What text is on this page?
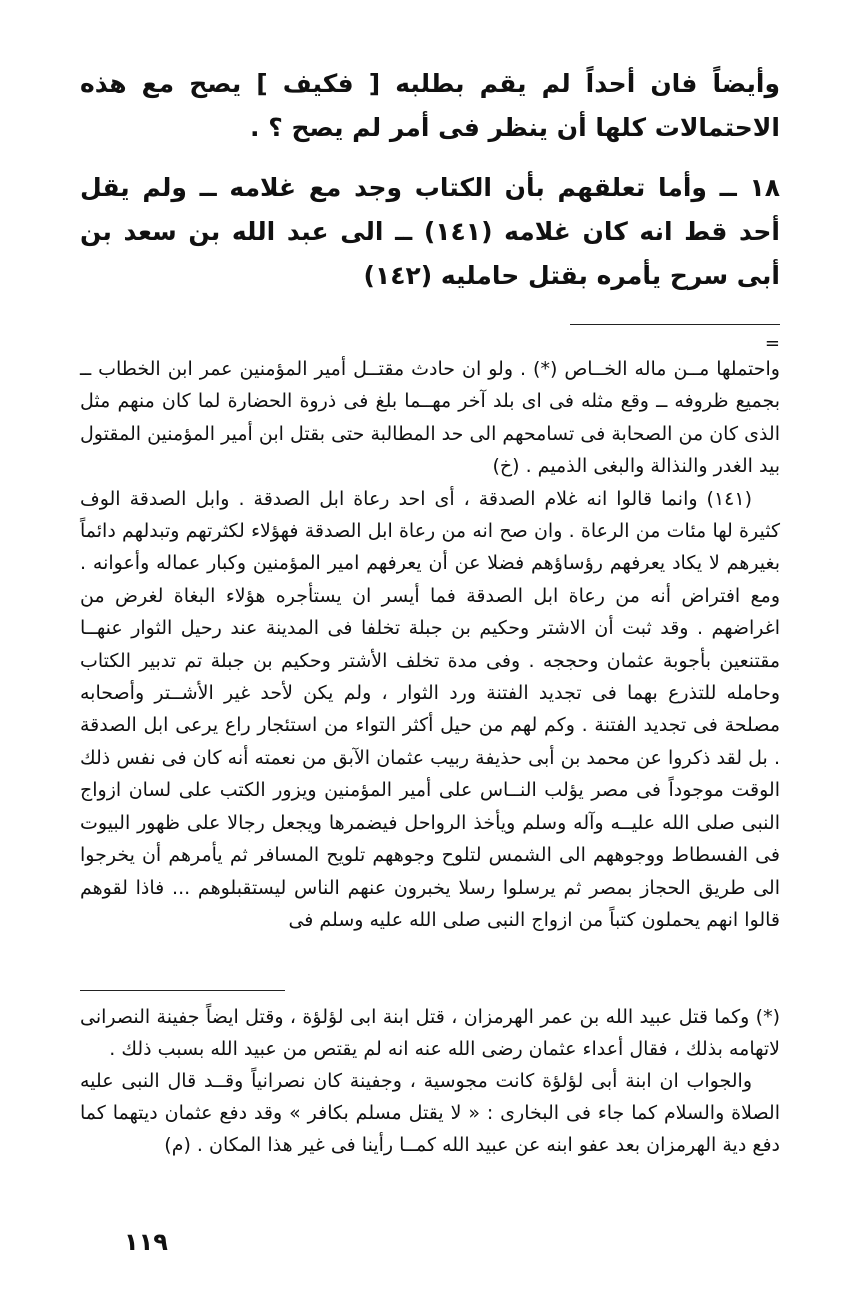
وأيضاً فان أحداً لم يقم بطلبه [ فكيف ] يصح مع هذه الاحتمالات كلها أن ينظر فى أمر لم يصح ؟ .

١٨ ــ وأما تعلقهم بأن الكتاب وجد مع غلامه ــ ولم يقل أحد قط انه كان غلامه (١٤١) ــ الى عبد الله بن سعد بن أبى سرح يأمره بقتل حامليه (١٤٢)

=

واحتملها مــن ماله الخــاص (*) . ولو ان حادث مقتــل أمير المؤمنين عمر ابن الخطاب ــ بجميع ظروفه ــ وقع مثله فى اى بلد آخر مهــما بلغ فى ذروة الحضارة لما كان منهم مثل الذى كان من الصحابة فى تسامحهم الى حد المطالبة حتى بقتل ابن أمير المؤمنين المقتول بيد الغدر والنذالة والبغى الذميم . (خ)

(١٤١) وانما قالوا انه غلام الصدقة ، أى احد رعاة ابل الصدقة . وابل الصدقة الوف كثيرة لها مئات من الرعاة . وان صح انه من رعاة ابل الصدقة فهؤلاء لكثرتهم وتبدلهم دائماً بغيرهم لا يكاد يعرفهم رؤساؤهم فضلا عن أن يعرفهم امير المؤمنين وكبار عماله وأعوانه . ومع افتراض أنه من رعاة ابل الصدقة فما أيسر ان يستأجره هؤلاء البغاة لغرض من اغراضهم . وقد ثبت أن الاشتر وحكيم بن جبلة تخلفا فى المدينة عند رحيل الثوار عنهــا مقتنعين بأجوبة عثمان وحججه . وفى مدة تخلف الأشتر وحكيم بن جبلة تم تدبير الكتاب وحامله للتذرع بهما فى تجديد الفتنة ورد الثوار ، ولم يكن لأحد غير الأشــتر وأصحابه مصلحة فى تجديد الفتنة . وكم لهم من حيل أكثر التواء من استئجار راع يرعى ابل الصدقة . بل لقد ذكروا عن محمد بن أبى حذيفة ربيب عثمان الآبق من نعمته أنه كان فى نفس ذلك الوقت موجوداً فى مصر يؤلب النــاس على أمير المؤمنين ويزور الكتب على لسان ازواج النبى صلى الله عليــه وآله وسلم ويأخذ الرواحل فيضمرها ويجعل رجالا على ظهور البيوت فى الفسطاط ووجوههم الى الشمس لتلوح وجوههم تلويح المسافر ثم يأمرهم أن يخرجوا الى طريق الحجاز بمصر ثم يرسلوا رسلا يخبرون عنهم الناس ليستقبلوهم ... فاذا لقوهم قالوا انهم يحملون كتباً من ازواج النبى صلى الله عليه وسلم فى

(*) وكما قتل عبيد الله بن عمر الهرمزان ، قتل ابنة ابى لؤلؤة ، وقتل ايضاً جفينة النصرانى لاتهامه بذلك ، فقال أعداء عثمان رضى الله عنه انه لم يقتص من عبيد الله بسبب ذلك .

والجواب ان ابنة أبى لؤلؤة كانت مجوسية ، وجفينة كان نصرانياً وقــد قال النبى عليه الصلاة والسلام كما جاء فى البخارى : « لا يقتل مسلم بكافر » وقد دفع عثمان ديتهما كما دفع دية الهرمزان بعد عفو ابنه عن عبيد الله كمــا رأينا فى غير هذا المكان . (م)

١١٩
